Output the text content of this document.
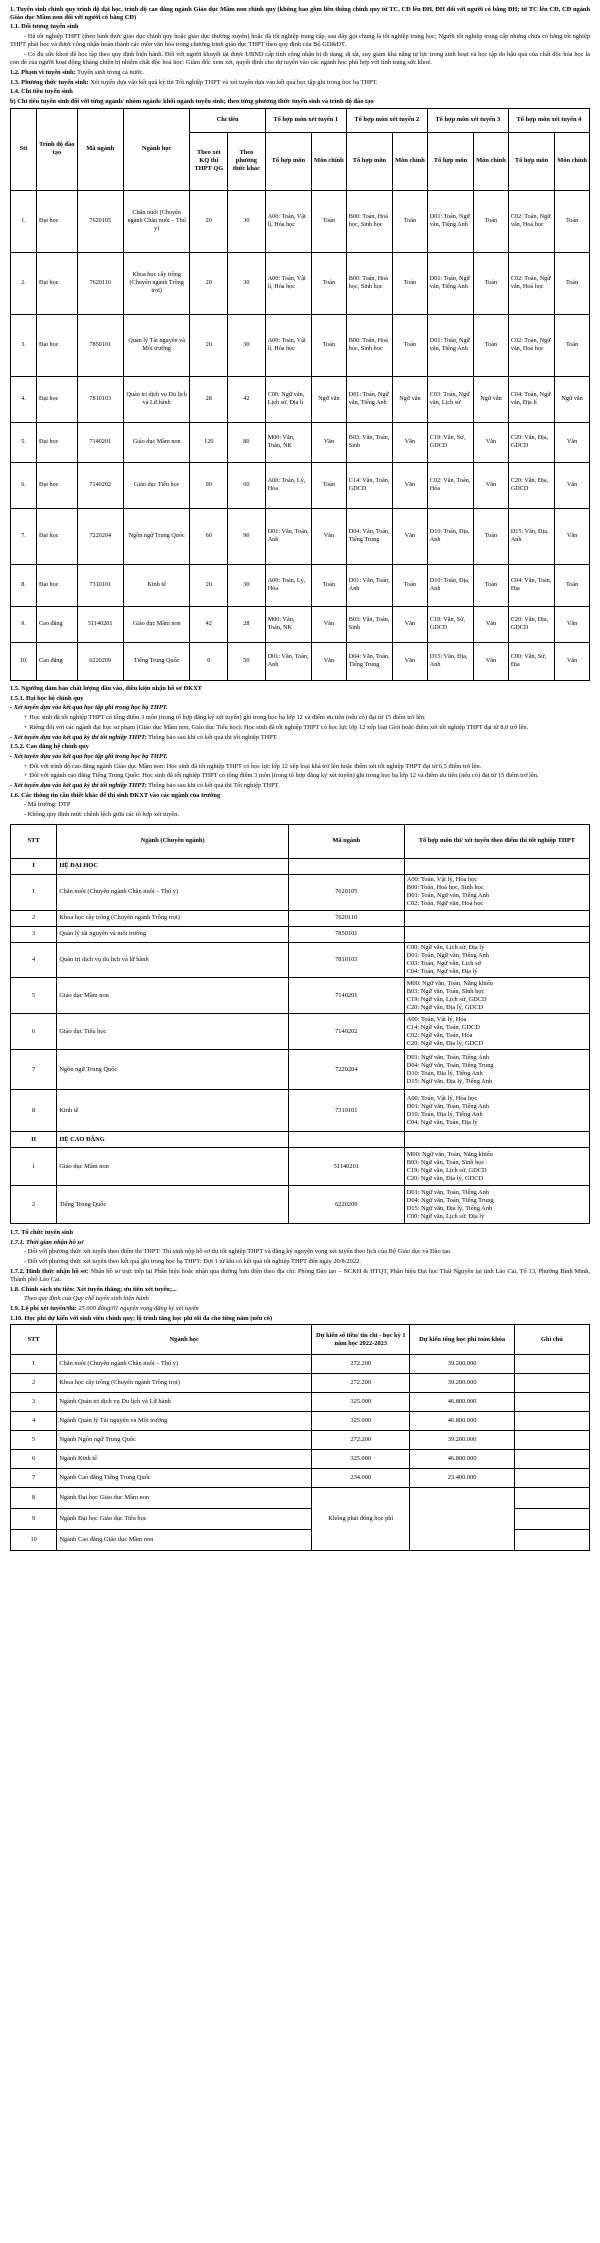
1. Tuyển sinh chính quy trình độ đại học, trình độ cao đẳng ngành Giáo dục Mầm non chính quy (không bao gồm liên thông chính quy từ TC, CĐ lên ĐH, ĐH đối với người có bằng ĐH; từ TC lên CĐ, CĐ ngành Giáo dục Mầm non đối với người có bằng CĐ)

1.1. Đối tượng tuyển sinh

- Đã tốt nghiệp THPT (theo hình thức giáo dục chính quy hoặc giáo dục thường xuyên) hoặc đã tốt nghiệp trung cấp, sau đây gọi chung là tốt nghiệp trung học; Người tốt nghiệp trung cấp nhưng chưa có bằng tốt nghiệp THPT phải học và được công nhận hoàn thành các môn văn hóa trong chương trình giáo dục THPT theo quy định của Bộ GD&ĐT.

- Có đủ sức khoẻ để học tập theo quy định hiện hành. Đối với người khuyết tật được UBND cấp tỉnh công nhận bị dị dạng, dị tật, suy giảm khả năng tự lực trong sinh hoạt và học tập do hậu quả của chất độc hóa học là con đẻ của người hoạt động kháng chiến bị nhiễm chất độc hoá học: Giám đốc xem xét, quyết định cho dự tuyển vào các ngành học phù hợp với tình trạng sức khoẻ.

1.2. Phạm vi tuyển sinh: Tuyển sinh trong cả nước.

1.3. Phương thức tuyển sinh: Xét tuyển dựa vào kết quả kỳ thi Tốt nghiệp THPT và xét tuyển dựa vào kết quả học tập ghi trong học bạ THPT.

1.4. Chỉ tiêu tuyển sinh

b) Chỉ tiêu tuyển sinh đối với từng ngành/ nhóm ngành/ khối ngành tuyển sinh; theo từng phương thức tuyển sinh và trình độ đào tạo

Stt	Trình độ đào tạo	Mã ngành	Ngành học	Chỉ tiêu		Tổ hợp môn xét tuyển 1		Tổ hợp môn xét tuyển 2		Tổ hợp môn xét tuyển 3		Tổ hợp môn xét tuyển 4	
				Theo xét KQ thi THPT QG	Theo phương thức khác	Tổ hợp môn	Môn chính	Tổ hợp môn	Môn chính	Tổ hợp môn	Môn chính	Tổ hợp môn	Môn chính
1.	Đại học	7620105	Chăn nuôi (Chuyên ngành Chăn nuôi – Thú y)	20	30	A00: Toán, Vật lí, Hóa học	Toán	B00: Toán, Hoá học, Sinh học	Toán	D01: Toán, Ngữ văn, Tiếng Anh	Toán	C02: Toán, Ngữ văn, Hoá học	Toán
2.	Đại học	7620110	Khoa học cây trồng (Chuyên ngành Trồng trọt)	20	30	A00: Toán, Vật lí, Hóa học	Toán	B00: Toán, Hoá học, Sinh học	Toán	D01: Toán, Ngữ văn, Tiếng Anh	Toán	C02: Toán, Ngữ văn, Hoá học	Toán
3.	Đại học	7850101	Quản lý Tài nguyên và Môi trường	20	30	A00: Toán, Vật lí, Hóa học	Toán	B00: Toán, Hoá học, Sinh học	Toán	D01: Toán, Ngữ văn, Tiếng Anh	Toán	C02: Toán, Ngữ văn, Hoá học	Toán
4.	Đại học	7810103	Quản trị dịch vụ Du lịch và Lữ hành	28	42	C00: Ngữ văn, Lịch sử, Địa lí	Ngữ văn	D01: Toán, Ngữ văn, Tiếng Anh	Ngữ văn	C03: Toán, Ngữ văn, Lịch sử	Ngữ văn	C04: Toán, Ngữ văn, Địa lí	Ngữ văn
5.	Đại học	7140201	Giáo dục Mầm non	120	80	M00: Văn, Toán, NK	Văn	B03: Văn, Toán, Sinh	Văn	C19: Văn, Sử, GDCD	Văn	C20: Văn, Địa, GDCD	Văn
6.	Đại học	7140202	Giáo dục Tiểu học	90	60	A00: Toán, Lý, Hóa	Toán	C14: Văn, Toán, GDCD	Văn	C02: Văn, Toán, Hóa	Văn	C20: Văn, Địa, GDCD	Văn
7.	Đại học	7220204	Ngôn ngữ Trung Quốc	60	90	D01: Văn, Toán, Anh	Văn	D04: Văn, Toán, Tiếng Trung	Văn	D10: Toán, Địa, Anh	Toán	D15: Văn, Địa, Anh	Văn
8.	Đại học	7310101	Kinh tế	20	30	A00: Toán, Lý, Hóa	Toán	D01: Văn, Toán, Anh	Toán	D10: Toán, Địa, Anh	Toán	C04: Văn, Toán, Địa	Toán
9.	Cao đẳng	51140201	Giáo dục Mầm non	42	28	M00: Văn, Toán, NK	Văn	B03: Văn, Toán, Sinh	Văn	C19: Văn, Sử, GDCD	Văn	C20: Văn, Địa, GDCD	Văn
10.	Cao đẳng	6220209	Tiếng Trung Quốc	0	50	D01: Văn, Toán, Anh	Văn	D04: Văn, Toán, Tiếng Trung	Văn	D15: Văn, Địa, Anh	Văn	C00: Văn, Sử, Địa	Văn

1.5. Ngưỡng đảm bảo chất lượng đầu vào, điều kiện nhận hồ sơ ĐKXT

1.5.1. Đại học hệ chính quy

- Xét tuyển dựa vào kết quả học tập ghi trong học bạ THPT.

+ Học sinh đã tốt nghiệp THPT có tổng điểm 3 môn (trong tổ hợp đăng ký xét tuyển) ghi trong học bạ lớp 12 và điểm ưu tiên (nếu có) đạt từ 15 điểm trở lên.

+ Riêng đối với các ngành đại học sư phạm (Giáo dục Mầm non, Giáo dục Tiểu học): Học sinh đã tốt nghiệp THPT có học lực lớp 12 xếp loại Giỏi hoặc điểm xét tốt nghiệp THPT đạt từ 8,0 trở lên.

- Xét tuyển dựa vào kết quả kỳ thi tốt nghiệp THPT: Thông báo sau khi có kết quả thi tốt nghiệp THPT.

1.5.2. Cao đẳng hệ chính quy

- Xét tuyển dựa vào kết quả học tập ghi trong học bạ THPT.

+ Đối với trình độ cao đẳng ngành Giáo dục Mầm non: Học sinh đã tốt nghiệp THPT có học lực lớp 12 xếp loại khá trở lên hoặc điểm xét tốt nghiệp THPT đạt từ 6,5 điểm trở lên.

+ Đối với ngành cao đẳng Tiếng Trung Quốc: Học sinh đã tốt nghiệp THPT có tổng điểm 3 môn (trong tổ hợp đăng ký xét tuyển) ghi trong học bạ lớp 12 và điểm ưu tiên (nếu có) đạt từ 15 điểm trở lên.

- Xét tuyển dựa vào kết quả kỳ thi tốt nghiệp THPT: Thông báo sau khi có kết quả thi Tốt nghiệp THPT.

1.6. Các thông tin cần thiết khác để thí sinh ĐKXT vào các ngành của trường

- Mã trường: DTP

- Không quy định mức chênh lệch giữa các tổ hợp xét tuyển.

STT	Ngành (Chuyên ngành)	Mã ngành	Tổ hợp môn thi/ xét tuyển theo điểm thi tốt nghiệp THPT
I	HỆ ĐẠI HỌC		
1	Chăn nuôi (Chuyên ngành Chăn nuôi – Thú y)	7620105	A00: Toán, Vật lý, Hóa học
B00: Toán, Hoá học, Sinh học
D01: Toán, Ngữ văn, Tiếng Anh
C02: Toán, Ngữ văn, Hoá học

2	Khoa học cây trồng (Chuyên ngành Trồng trọt)	7620110	
3	Quản lý tài nguyên và môi trường	7850101	
4	Quản trị dịch vụ du lịch và lữ hành	7810103	C00: Ngữ văn, Lịch sử, Địa lý
D01: Toán, Ngữ văn, Tiếng Anh
C03: Toán, Ngữ văn, Lịch sử
C04: Toán, Ngữ văn, Địa lý

5	Giáo dục Mầm non	7140201	M00: Ngữ văn, Toán, Năng khiếu
B03: Ngữ văn, Toán, Sinh học
C19: Ngữ văn, Lịch sử, GDCD
C20: Ngữ văn, Địa lý, GDCD

6	Giáo dục Tiểu học	7140202	A00: Toán, Vật lý, Hóa
C14: Ngữ văn, Toán, GDCD
C02: Ngữ văn, Toán, Hóa
C20: Ngữ văn, Địa lý, GDCD

7	Ngôn ngữ Trung Quốc	7220204	D01: Ngữ văn, Toán, Tiếng Anh
D04: Ngữ văn, Toán, Tiếng Trung
D10: Toán, Địa lý, Tiếng Anh
D15: Ngữ văn, Địa lý, Tiếng Anh

8	Kinh tế	7310101	A00: Toán, Vật lý, Hóa học
D01: Ngữ văn, Toán, Tiếng Anh
D10: Toán, Địa lý, Tiếng Anh
C04: Ngữ văn, Toán, Địa lý

II	HỆ CAO ĐẲNG		
1	Giáo dục Mầm non	51140201	M00: Ngữ văn, Toán, Năng khiếu
B03: Ngữ văn, Toán, Sinh học
C19: Ngữ văn, Lịch sử, GDCD
C20: Ngữ văn, Địa lý, GDCD

2	Tiếng Trung Quốc	6220209	D01: Ngữ văn, Toán, Tiếng Anh
D04: Ngữ văn, Toán, Tiếng Trung
D15: Ngữ văn, Địa lý, Tiếng Anh
C00: Ngữ văn, Lịch sử, Địa lý

1.7. Tổ chức tuyển sinh

1.7.1. Thời gian nhận hồ sơ

- Đối với phương thức xét tuyển theo điểm thi THPT: Thí sinh nộp hồ sơ thi tốt nghiệp THPT và đăng ký nguyện vọng xét tuyển theo lịch của Bộ Giáo dục và Đào tạo.

- Đối với phương thức xét tuyển theo kết quả ghi trong học bạ THPT: Đợt 1 từ khi có kết quả tốt nghiệp THPT đến ngày 20/8/2022.

1.7.2. Hình thức nhận hồ sơ: Nhận hồ sơ trực tiếp tại Phân hiệu hoặc nhận qua đường bưu điện theo địa chỉ: Phòng Đào tạo – NCKH & HTQT, Phân hiệu Đại học Thái Nguyên tại tỉnh Lào Cai, Tổ 13, Phường Bình Minh, Thành phố Lào Cai.

1.8. Chính sách ưu tiên: Xét tuyển thẳng; ưu tiên xét tuyển;...

Theo quy định của Quy chế tuyển sinh hiện hành

1.9. Lệ phí xét tuyển/thi: 25.000 đồng/01 nguyện vọng đăng ký xét tuyển

1.10. Học phí dự kiến với sinh viên chính quy; lộ trình tăng học phí tối đa cho từng năm (nếu có)

STT	Ngành học	Dự kiến số tiền/ tín chỉ - học kỳ 1 năm học 2022-2023	Dự kiến tổng học phí toàn khóa	Ghi chú
1	Chăn nuôi (Chuyên ngành Chăn nuôi – Thú y)	272.200	39.200.000	
2	Khoa học cây trồng (Chuyên ngành Trồng trọt)	272.200	39.200.000	
3	Ngành Quản trị dịch vụ Du lịch và Lữ hành	325.000	46.800.000	
4	Ngành Quản lý Tài nguyên và Môi trường	325.000	46.800.000	
5	Ngành Ngôn ngữ Trung Quốc	272.200	39.200.000	
6	Ngành Kinh tế	325.000	46.800.000	
7	Ngành Cao đẳng Tiếng Trung Quốc	234.000	23.400.000	
8	Ngành Đại học Giáo dục Mầm non	Không phải đóng học phí		
9	Ngành Đại học Giáo dục Tiểu học			
10	Ngành Cao đẳng Giáo dục Mầm non			
